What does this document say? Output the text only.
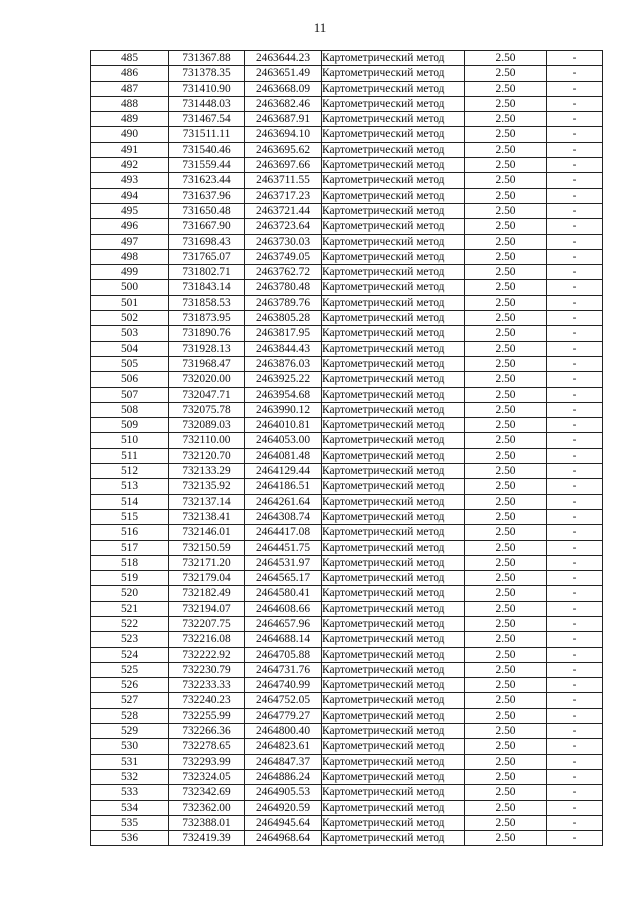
11
485	731367.88	2463644.23	Картометрический метод	2.50	-
486	731378.35	2463651.49	Картометрический метод	2.50	-
487	731410.90	2463668.09	Картометрический метод	2.50	-
488	731448.03	2463682.46	Картометрический метод	2.50	-
489	731467.54	2463687.91	Картометрический метод	2.50	-
490	731511.11	2463694.10	Картометрический метод	2.50	-
491	731540.46	2463695.62	Картометрический метод	2.50	-
492	731559.44	2463697.66	Картометрический метод	2.50	-
493	731623.44	2463711.55	Картометрический метод	2.50	-
494	731637.96	2463717.23	Картометрический метод	2.50	-
495	731650.48	2463721.44	Картометрический метод	2.50	-
496	731667.90	2463723.64	Картометрический метод	2.50	-
497	731698.43	2463730.03	Картометрический метод	2.50	-
498	731765.07	2463749.05	Картометрический метод	2.50	-
499	731802.71	2463762.72	Картометрический метод	2.50	-
500	731843.14	2463780.48	Картометрический метод	2.50	-
501	731858.53	2463789.76	Картометрический метод	2.50	-
502	731873.95	2463805.28	Картометрический метод	2.50	-
503	731890.76	2463817.95	Картометрический метод	2.50	-
504	731928.13	2463844.43	Картометрический метод	2.50	-
505	731968.47	2463876.03	Картометрический метод	2.50	-
506	732020.00	2463925.22	Картометрический метод	2.50	-
507	732047.71	2463954.68	Картометрический метод	2.50	-
508	732075.78	2463990.12	Картометрический метод	2.50	-
509	732089.03	2464010.81	Картометрический метод	2.50	-
510	732110.00	2464053.00	Картометрический метод	2.50	-
511	732120.70	2464081.48	Картометрический метод	2.50	-
512	732133.29	2464129.44	Картометрический метод	2.50	-
513	732135.92	2464186.51	Картометрический метод	2.50	-
514	732137.14	2464261.64	Картометрический метод	2.50	-
515	732138.41	2464308.74	Картометрический метод	2.50	-
516	732146.01	2464417.08	Картометрический метод	2.50	-
517	732150.59	2464451.75	Картометрический метод	2.50	-
518	732171.20	2464531.97	Картометрический метод	2.50	-
519	732179.04	2464565.17	Картометрический метод	2.50	-
520	732182.49	2464580.41	Картометрический метод	2.50	-
521	732194.07	2464608.66	Картометрический метод	2.50	-
522	732207.75	2464657.96	Картометрический метод	2.50	-
523	732216.08	2464688.14	Картометрический метод	2.50	-
524	732222.92	2464705.88	Картометрический метод	2.50	-
525	732230.79	2464731.76	Картометрический метод	2.50	-
526	732233.33	2464740.99	Картометрический метод	2.50	-
527	732240.23	2464752.05	Картометрический метод	2.50	-
528	732255.99	2464779.27	Картометрический метод	2.50	-
529	732266.36	2464800.40	Картометрический метод	2.50	-
530	732278.65	2464823.61	Картометрический метод	2.50	-
531	732293.99	2464847.37	Картометрический метод	2.50	-
532	732324.05	2464886.24	Картометрический метод	2.50	-
533	732342.69	2464905.53	Картометрический метод	2.50	-
534	732362.00	2464920.59	Картометрический метод	2.50	-
535	732388.01	2464945.64	Картометрический метод	2.50	-
536	732419.39	2464968.64	Картометрический метод	2.50	-
